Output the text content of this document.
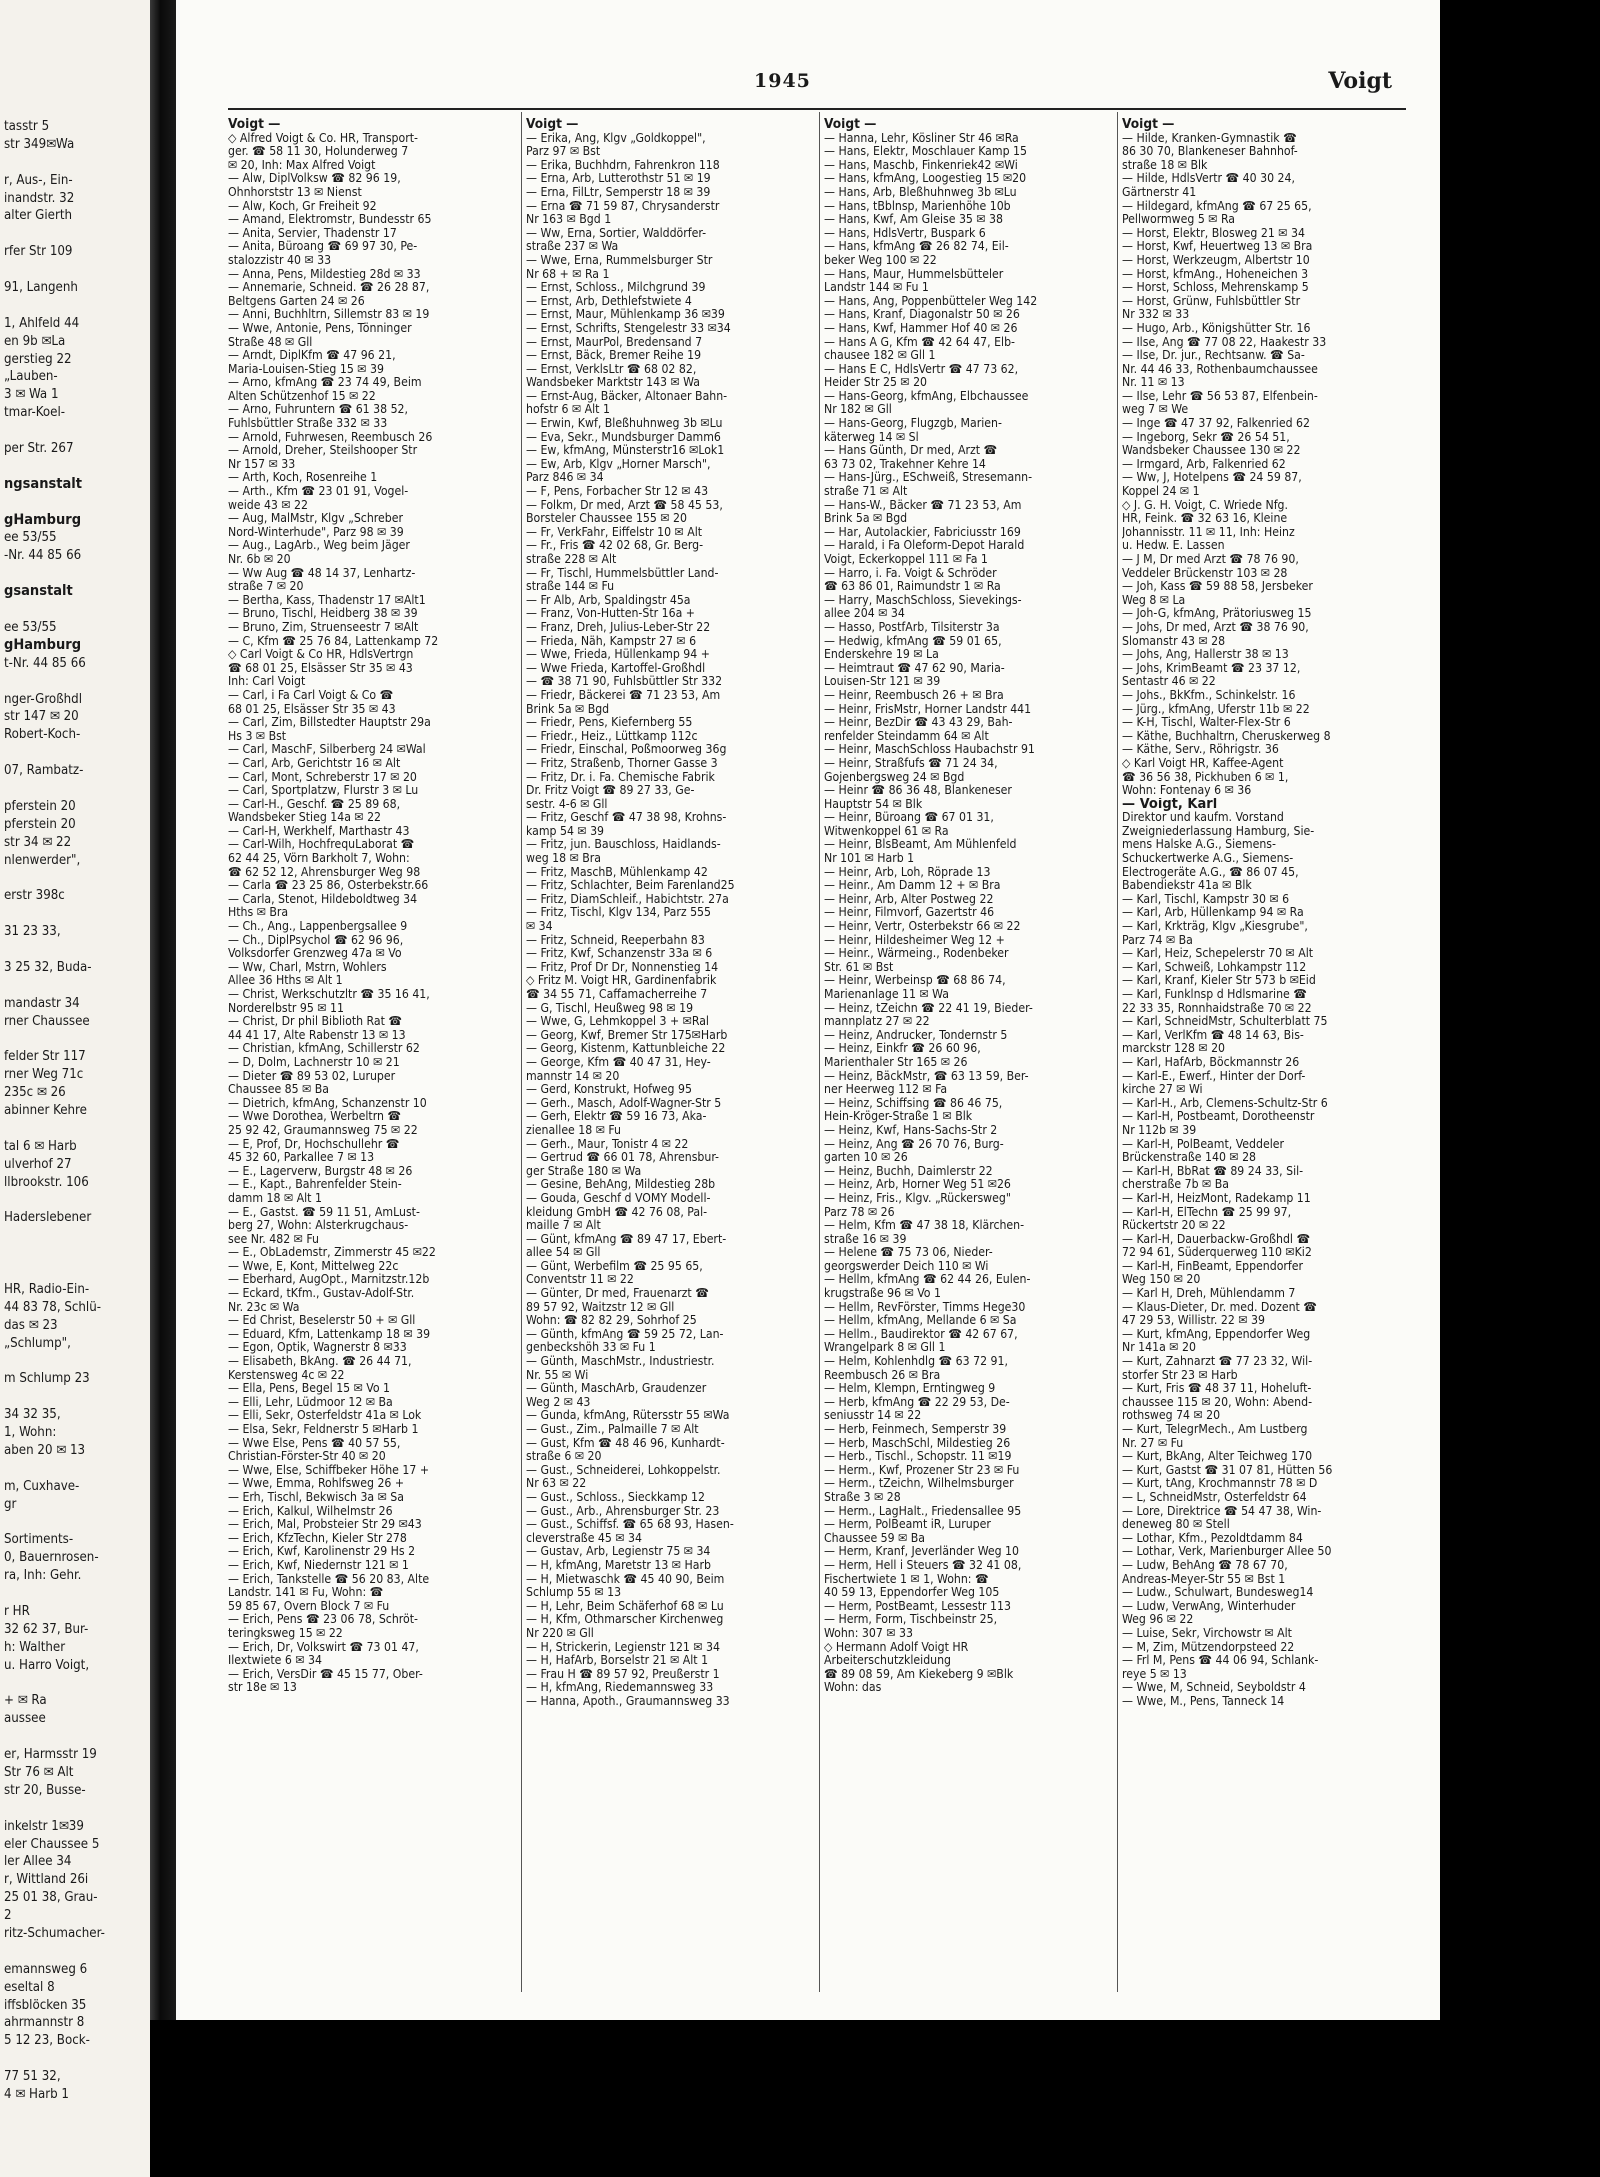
tasstr 5
str 349✉Wa

r, Aus-, Ein-
inandstr. 32
alter Gierth

rfer Str 109

91, Langenh

1, Ahlfeld 44
en 9b ✉La
gerstieg 22
„Lauben-
3 ✉ Wa 1
tmar-Koel-

per Str. 267

ngsanstalt

gHamburg
ee 53/55
-Nr. 44 85 66

gsanstalt

ee 53/55
gHamburg
t-Nr. 44 85 66

nger-Großhdl
str 147 ✉ 20
Robert-Koch-

07, Rambatz-

pferstein 20
pferstein 20
str 34 ✉ 22
nlenwerder",

erstr 398c

31 23 33,

3 25 32, Buda-

mandastr 34
rner Chaussee

felder Str 117
rner Weg 71c
235c ✉ 26
abinner Kehre

tal 6 ✉ Harb
ulverhof 27
llbrookstr. 106

Haderslebener

HR, Radio-Ein-
44 83 78, Schlü-
das ✉ 23
„Schlump",

m Schlump 23

34 32 35,
1, Wohn:
aben 20 ✉ 13

m, Cuxhave-
gr

Sortiments-
0, Bauernrosen-
ra, Inh: Gehr.

r HR
32 62 37, Bur-
h: Walther
u. Harro Voigt,

+ ✉ Ra
aussee

er, Harmsstr 19
Str 76 ✉ Alt
str 20, Busse-

inkelstr 1✉39
eler Chaussee 5
ler Allee 34
r, Wittland 26i
25 01 38, Grau-
2
ritz-Schumacher-

emannsweg 6
eseltal 8
iffsblöcken 35
ahrmannstr 8
5 12 23, Bock-

77 51 32,
4 ✉ Harb 1
1945	Voigt
Voigt —
◇ Alfred Voigt & Co. HR, Transport-
ger. ☎ 58 11 30, Holunderweg 7
✉ 20, Inh: Max Alfred Voigt
— Alw, DiplVolksw ☎ 82 96 19,
Ohnhorststr 13 ✉ Nienst
— Alw, Koch, Gr Freiheit 92
— Amand, Elektromstr, Bundesstr 65
— Anita, Servier, Thadenstr 17
— Anita, Büroang ☎ 69 97 30, Pe-
stalozzistr 40 ✉ 33
— Anna, Pens, Mildestieg 28d ✉ 33
— Annemarie, Schneid. ☎ 26 28 87,
Beltgens Garten 24 ✉ 26
— Anni, Buchhltrn, Sillemstr 83 ✉ 19
— Wwe, Antonie, Pens, Tönninger
Straße 48 ✉ Gll
— Arndt, DiplKfm ☎ 47 96 21,
Maria-Louisen-Stieg 15 ✉ 39
— Arno, kfmAng ☎ 23 74 49, Beim
Alten Schützenhof 15 ✉ 22
— Arno, Fuhruntern ☎ 61 38 52,
Fuhlsbüttler Straße 332 ✉ 33
— Arnold, Fuhrwesen, Reembusch 26
— Arnold, Dreher, Steilshooper Str
Nr 157 ✉ 33
— Arth, Koch, Rosenreihe 1
— Arth., Kfm ☎ 23 01 91, Vogel-
weide 43 ✉ 22
— Aug, MalMstr, Klgv „Schreber
Nord-Winterhude", Parz 98 ✉ 39
— Aug., LagArb., Weg beim Jäger
Nr. 6b ✉ 20
— Ww Aug ☎ 48 14 37, Lenhartz-
straße 7 ✉ 20
— Bertha, Kass, Thadenstr 17 ✉Alt1
— Bruno, Tischl, Heidberg 38 ✉ 39
— Bruno, Zim, Struenseestr 7 ✉Alt
— C, Kfm ☎ 25 76 84, Lattenkamp 72
◇ Carl Voigt & Co HR, HdlsVertrgn
☎ 68 01 25, Elsässer Str 35 ✉ 43
Inh: Carl Voigt
— Carl, i Fa Carl Voigt & Co ☎
68 01 25, Elsässer Str 35 ✉ 43
— Carl, Zim, Billstedter Hauptstr 29a
Hs 3 ✉ Bst
— Carl, MaschF, Silberberg 24 ✉Wal
— Carl, Arb, Gerichtstr 16 ✉ Alt
— Carl, Mont, Schreberstr 17 ✉ 20
— Carl, Sportplatzw, Flurstr 3 ✉ Lu
— Carl-H., Geschf. ☎ 25 89 68,
Wandsbeker Stieg 14a ✉ 22
— Carl-H, Werkhelf, Marthastr 43
— Carl-Wilh, HochfrequLaborat ☎
62 44 25, Vörn Barkholt 7, Wohn:
☎ 62 52 12, Ahrensburger Weg 98
— Carla ☎ 23 25 86, Osterbekstr.66
— Carla, Stenot, Hildeboldtweg 34
Hths ✉ Bra
— Ch., Ang., Lappenbergsallee 9
— Ch., DiplPsychol ☎ 62 96 96,
Volksdorfer Grenzweg 47a ✉ Vo
— Ww, Charl, Mstrn, Wohlers
Allee 36 Hths ✉ Alt 1
— Christ, Werkschutzltr ☎ 35 16 41,
Norderelbstr 95 ✉ 11
— Christ, Dr phil Biblioth Rat ☎
44 41 17, Alte Rabenstr 13 ✉ 13
— Christian, kfmAng, Schillerstr 62
— D, Dolm, Lachnerstr 10 ✉ 21
— Dieter ☎ 89 53 02, Luruper
Chaussee 85 ✉ Ba
— Dietrich, kfmAng, Schanzenstr 10
— Wwe Dorothea, Werbeltrn ☎
25 92 42, Graumannsweg 75 ✉ 22
— E, Prof, Dr, Hochschullehr ☎
45 32 60, Parkallee 7 ✉ 13
— E., Lagerverw, Burgstr 48 ✉ 26
— E., Kapt., Bahrenfelder Stein-
damm 18 ✉ Alt 1
— E., Gastst. ☎ 59 11 51, AmLust-
berg 27, Wohn: Alsterkrugchaus-
see Nr. 482 ✉ Fu
— E., ObLademstr, Zimmerstr 45 ✉22
— Wwe, E, Kont, Mittelweg 22c
— Eberhard, AugOpt., Marnitzstr.12b
— Eckard, tKfm., Gustav-Adolf-Str.
Nr. 23c ✉ Wa
— Ed Christ, Beselerstr 50 + ✉ Gll
— Eduard, Kfm, Lattenkamp 18 ✉ 39
— Egon, Optik, Wagnerstr 8 ✉33
— Elisabeth, BkAng. ☎ 26 44 71,
Kerstensweg 4c ✉ 22
— Ella, Pens, Begel 15 ✉ Vo 1
— Elli, Lehr, Lüdmoor 12 ✉ Ba
— Elli, Sekr, Osterfeldstr 41a ✉ Lok
— Elsa, Sekr, Feldnerstr 5 ✉Harb 1
— Wwe Else, Pens ☎ 40 57 55,
Christian-Förster-Str 40 ✉ 20
— Wwe, Else, Schiffbeker Höhe 17 +
— Wwe, Emma, Rohlfsweg 26 +
— Erh, Tischl, Bekwisch 3a ✉ Sa
— Erich, Kalkul, Wilhelmstr 26
— Erich, Mal, Probsteier Str 29 ✉43
— Erich, KfzTechn, Kieler Str 278
— Erich, Kwf, Karolinenstr 29 Hs 2
— Erich, Kwf, Niedernstr 121 ✉ 1
— Erich, Tankstelle ☎ 56 20 83, Alte
Landstr. 141 ✉ Fu, Wohn: ☎
59 85 67, Övern Block 7 ✉ Fu
— Erich, Pens ☎ 23 06 78, Schröt-
teringksweg 15 ✉ 22
— Erich, Dr, Volkswirt ☎ 73 01 47,
Ilextwiete 6 ✉ 34
— Erich, VersDir ☎ 45 15 77, Ober-
str 18e ✉ 13
Voigt —
— Erika, Ang, Klgv „Goldkoppel",
Parz 97 ✉ Bst
— Erika, Buchhdrn, Fahrenkron 118
— Erna, Arb, Lutterothstr 51 ✉ 19
— Erna, FilLtr, Semperstr 18 ✉ 39
— Erna ☎ 71 59 87, Chrysanderstr
Nr 163 ✉ Bgd 1
— Ww, Erna, Sortier, Walddörfer-
straße 237 ✉ Wa
— Wwe, Erna, Rummelsburger Str
Nr 68 + ✉ Ra 1
— Ernst, Schloss., Milchgrund 39
— Ernst, Arb, Dethlefstwiete 4
— Ernst, Maur, Mühlenkamp 36 ✉39
— Ernst, Schrifts, Stengelestr 33 ✉34
— Ernst, MaurPol, Bredensand 7
— Ernst, Bäck, Bremer Reihe 19
— Ernst, VerklsLtr ☎ 68 02 82,
Wandsbeker Marktstr 143 ✉ Wa
— Ernst-Aug, Bäcker, Altonaer Bahn-
hofstr 6 ✉ Alt 1
— Erwin, Kwf, Bleßhuhnweg 3b ✉Lu
— Eva, Sekr., Mundsburger Damm6
— Ew, kfmAng, Münsterstr16 ✉Lok1
— Ew, Arb, Klgv „Horner Marsch",
Parz 846 ✉ 34
— F, Pens, Forbacher Str 12 ✉ 43
— Folkm, Dr med, Arzt ☎ 58 45 53,
Borsteler Chaussee 155 ✉ 20
— Fr, VerkFahr, Eiffelstr 10 ✉ Alt
— Fr., Fris ☎ 42 02 68, Gr. Berg-
straße 228 ✉ Alt
— Fr, Tischl, Hummelsbüttler Land-
straße 144 ✉ Fu
— Fr Alb, Arb, Spaldingstr 45a
— Franz, Von-Hutten-Str 16a +
— Franz, Dreh, Julius-Leber-Str 22
— Frieda, Näh, Kampstr 27 ✉ 6
— Wwe, Frieda, Hüllenkamp 94 +
— Wwe Frieda, Kartoffel-Großhdl
— ☎ 38 71 90, Fuhlsbüttler Str 332
— Friedr, Bäckerei ☎ 71 23 53, Am
Brink 5a ✉ Bgd
— Friedr, Pens, Kiefernberg 55
— Friedr., Heiz., Lüttkamp 112c
— Friedr, Einschal, Poßmoorweg 36g
— Fritz, Straßenb, Thorner Gasse 3
— Fritz, Dr. i. Fa. Chemische Fabrik
Dr. Fritz Voigt ☎ 89 27 33, Ge-
sestr. 4-6 ✉ Gll
— Fritz, Geschf ☎ 47 38 98, Krohns-
kamp 54 ✉ 39
— Fritz, jun. Bauschloss, Haidlands-
weg 18 ✉ Bra
— Fritz, MaschB, Mühlenkamp 42
— Fritz, Schlachter, Beim Farenland25
— Fritz, DiamSchleif., Habichtstr. 27a
— Fritz, Tischl, Klgv 134, Parz 555
✉ 34
— Fritz, Schneid, Reeperbahn 83
— Fritz, Kwf, Schanzenstr 33a ✉ 6
— Fritz, Prof Dr Dr, Nonnenstieg 14
◇ Fritz M. Voigt HR, Gardinenfabrik
☎ 34 55 71, Caffamacherreihe 7
— G, Tischl, Heußweg 98 ✉ 19
— Wwe, G, Lehmkoppel 3 + ✉Ral
— Georg, Kwf, Bremer Str 175✉Harb
— Georg, Kistenm, Kattunbleiche 22
— George, Kfm ☎ 40 47 31, Hey-
mannstr 14 ✉ 20
— Gerd, Konstrukt, Hofweg 95
— Gerh., Masch, Adolf-Wagner-Str 5
— Gerh, Elektr ☎ 59 16 73, Aka-
zienallee 18 ✉ Fu
— Gerh., Maur, Tonistr 4 ✉ 22
— Gertrud ☎ 66 01 78, Ahrensbur-
ger Straße 180 ✉ Wa
— Gesine, BehAng, Mildestieg 28b
— Gouda, Geschf d VOMY Modell-
kleidung GmbH ☎ 42 76 08, Pal-
maille 7 ✉ Alt
— Günt, kfmAng ☎ 89 47 17, Ebert-
allee 54 ✉ Gll
— Günt, Werbefilm ☎ 25 95 65,
Conventstr 11 ✉ 22
— Günter, Dr med, Frauenarzt ☎
89 57 92, Waitzstr 12 ✉ Gll
Wohn: ☎ 82 82 29, Sohrhof 25
— Günth, kfmAng ☎ 59 25 72, Lan-
genbeckshöh 33 ✉ Fu 1
— Günth, MaschMstr., Industriestr.
Nr. 55 ✉ Wi
— Günth, MaschArb, Graudenzer
Weg 2 ✉ 43
— Gunda, kfmAng, Rütersstr 55 ✉Wa
— Gust., Zim., Palmaille 7 ✉ Alt
— Gust, Kfm ☎ 48 46 96, Kunhardt-
straße 6 ✉ 20
— Gust., Schneiderei, Lohkoppelstr.
Nr 63 ✉ 22
— Gust., Schloss., Sieckkamp 12
— Gust., Arb., Ahrensburger Str. 23
— Gust., Schiffsf. ☎ 65 68 93, Hasen-
cleverstraße 45 ✉ 34
— Gustav, Arb, Legienstr 75 ✉ 34
— H, kfmAng, Maretstr 13 ✉ Harb
— H, Mietwaschk ☎ 45 40 90, Beim
Schlump 55 ✉ 13
— H, Lehr, Beim Schäferhof 68 ✉ Lu
— H, Kfm, Othmarscher Kirchenweg
Nr 220 ✉ Gll
— H, Strickerin, Legienstr 121 ✉ 34
— H, HafArb, Borselstr 21 ✉ Alt 1
— Frau H ☎ 89 57 92, Preußerstr 1
— H, kfmAng, Riedemannsweg 33
— Hanna, Apoth., Graumannsweg 33
Voigt —
— Hanna, Lehr, Kösliner Str 46 ✉Ra
— Hans, Elektr, Moschlauer Kamp 15
— Hans, Maschb, Finkenriek42 ✉Wi
— Hans, kfmAng, Loogestieg 15 ✉20
— Hans, Arb, Bleßhuhnweg 3b ✉Lu
— Hans, tBblnsp, Marienhöhe 10b
— Hans, Kwf, Am Gleise 35 ✉ 38
— Hans, HdlsVertr, Buspark 6
— Hans, kfmAng ☎ 26 82 74, Eil-
beker Weg 100 ✉ 22
— Hans, Maur, Hummelsbütteler
Landstr 144 ✉ Fu 1
— Hans, Ang, Poppenbütteler Weg 142
— Hans, Kranf, Diagonalstr 50 ✉ 26
— Hans, Kwf, Hammer Hof 40 ✉ 26
— Hans A G, Kfm ☎ 42 64 47, Elb-
chausee 182 ✉ Gll 1
— Hans E C, HdlsVertr ☎ 47 73 62,
Heider Str 25 ✉ 20
— Hans-Georg, kfmAng, Elbchaussee
Nr 182 ✉ Gll
— Hans-Georg, Flugzgb, Marien-
käterweg 14 ✉ Sl
— Hans Günth, Dr med, Arzt ☎
63 73 02, Trakehner Kehre 14
— Hans-Jürg., ESchweiß, Stresemann-
straße 71 ✉ Alt
— Hans-W., Bäcker ☎ 71 23 53, Am
Brink 5a ✉ Bgd
— Har, Autolackier, Fabriciusstr 169
— Harald, i Fa Oleform-Depot Harald
Voigt, Eckerkoppel 111 ✉ Fa 1
— Harro, i. Fa. Voigt & Schröder
☎ 63 86 01, Raimundstr 1 ✉ Ra
— Harry, MaschSchloss, Sievekings-
allee 204 ✉ 34
— Hasso, PostfArb, Tilsiterstr 3a
— Hedwig, kfmAng ☎ 59 01 65,
Enderskehre 19 ✉ La
— Heimtraut ☎ 47 62 90, Maria-
Louisen-Str 121 ✉ 39
— Heinr, Reembusch 26 + ✉ Bra
— Heinr, FrisMstr, Horner Landstr 441
— Heinr, BezDir ☎ 43 43 29, Bah-
renfelder Steindamm 64 ✉ Alt
— Heinr, MaschSchloss Haubachstr 91
— Heinr, Straßfufs ☎ 71 24 34,
Gojenbergsweg 24 ✉ Bgd
— Heinr ☎ 86 36 48, Blankeneser
Hauptstr 54 ✉ Blk
— Heinr, Büroang ☎ 67 01 31,
Witwenkoppel 61 ✉ Ra
— Heinr, BlsBeamt, Am Mühlenfeld
Nr 101 ✉ Harb 1
— Heinr, Arb, Loh, Röprade 13
— Heinr., Am Damm 12 + ✉ Bra
— Heinr, Arb, Alter Postweg 22
— Heinr, Filmvorf, Gazertstr 46
— Heinr, Vertr, Osterbekstr 66 ✉ 22
— Heinr, Hildesheimer Weg 12 +
— Heinr., Wärmeing., Rodenbeker
Str. 61 ✉ Bst
— Heinr, Werbeinsp ☎ 68 86 74,
Marienanlage 11 ✉ Wa
— Heinz, tZeichn ☎ 22 41 19, Bieder-
mannplatz 27 ✉ 22
— Heinz, Andrucker, Tondernstr 5
— Heinz, Einkfr ☎ 26 60 96,
Marienthaler Str 165 ✉ 26
— Heinz, BäckMstr, ☎ 63 13 59, Ber-
ner Heerweg 112 ✉ Fa
— Heinz, Schiffsing ☎ 86 46 75,
Hein-Kröger-Straße 1 ✉ Blk
— Heinz, Kwf, Hans-Sachs-Str 2
— Heinz, Ang ☎ 26 70 76, Burg-
garten 10 ✉ 26
— Heinz, Buchh, Daimlerstr 22
— Heinz, Arb, Horner Weg 51 ✉26
— Heinz, Fris., Klgv. „Rückersweg"
Parz 78 ✉ 26
— Helm, Kfm ☎ 47 38 18, Klärchen-
straße 16 ✉ 39
— Helene ☎ 75 73 06, Nieder-
georgswerder Deich 110 ✉ Wi
— Hellm, kfmAng ☎ 62 44 26, Eulen-
krugstraße 96 ✉ Vo 1
— Hellm, RevFörster, Timms Hege30
— Hellm, kfmAng, Mellande 6 ✉ Sa
— Hellm., Baudirektor ☎ 42 67 67,
Wrangelpark 8 ✉ Gll 1
— Helm, Kohlenhdlg ☎ 63 72 91,
Reembusch 26 ✉ Bra
— Helm, Klempn, Erntingweg 9
— Herb, kfmAng ☎ 22 29 53, De-
seniusstr 14 ✉ 22
— Herb, Feinmech, Semperstr 39
— Herb, MaschSchl, Mildestieg 26
— Herb., Tischl., Schopstr. 11 ✉19
— Herm., Kwf, Prozener Str 23 ✉ Fu
— Herm., tZeichn, Wilhelmsburger
Straße 3 ✉ 28
— Herm., LagHalt., Friedensallee 95
— Herm, PolBeamt iR, Luruper
Chaussee 59 ✉ Ba
— Herm, Kranf, Jeverländer Weg 10
— Herm, Hell i Steuers ☎ 32 41 08,
Fischertwiete 1 ✉ 1, Wohn: ☎
40 59 13, Eppendorfer Weg 105
— Herm, PostBeamt, Lessestr 113
— Herm, Form, Tischbeinstr 25,
Wohn: 307 ✉ 33
◇ Hermann Adolf Voigt HR
Arbeiterschutzkleidung
☎ 89 08 59, Am Kiekeberg 9 ✉Blk
Wohn: das
Voigt —
— Hilde, Kranken-Gymnastik ☎
86 30 70, Blankeneser Bahnhof-
straße 18 ✉ Blk
— Hilde, HdlsVertr ☎ 40 30 24,
Gärtnerstr 41
— Hildegard, kfmAng ☎ 67 25 65,
Pellwormweg 5 ✉ Ra
— Horst, Elektr, Blosweg 21 ✉ 34
— Horst, Kwf, Heuertweg 13 ✉ Bra
— Horst, Werkzeugm, Albertstr 10
— Horst, kfmAng., Hoheneichen 3
— Horst, Schloss, Mehrenskamp 5
— Horst, Grünw, Fuhlsbüttler Str
Nr 332 ✉ 33
— Hugo, Arb., Königshütter Str. 16
— Ilse, Ang ☎ 77 08 22, Haakestr 33
— Ilse, Dr. jur., Rechtsanw. ☎ Sa-
Nr. 44 46 33, Rothenbaumchaussee
Nr. 11 ✉ 13
— Ilse, Lehr ☎ 56 53 87, Elfenbein-
weg 7 ✉ We
— Inge ☎ 47 37 92, Falkenried 62
— Ingeborg, Sekr ☎ 26 54 51,
Wandsbeker Chaussee 130 ✉ 22
— Irmgard, Arb, Falkenried 62
— Ww, J, Hotelpens ☎ 24 59 87,
Koppel 24 ✉ 1
◇ J. G. H. Voigt, C. Wriede Nfg.
HR, Feink. ☎ 32 63 16, Kleine
Johannisstr. 11 ✉ 11, Inh: Heinz
u. Hedw. E. Lassen
— J M, Dr med Arzt ☎ 78 76 90,
Veddeler Brückenstr 103 ✉ 28
— Joh, Kass ☎ 59 88 58, Jersbeker
Weg 8 ✉ La
— Joh-G, kfmAng, Prätoriusweg 15
— Johs, Dr med, Arzt ☎ 38 76 90,
Slomanstr 43 ✉ 28
— Johs, Ang, Hallerstr 38 ✉ 13
— Johs, KrimBeamt ☎ 23 37 12,
Sentastr 46 ✉ 22
— Johs., BkKfm., Schinkelstr. 16
— Jürg., kfmAng, Uferstr 11b ✉ 22
— K-H, Tischl, Walter-Flex-Str 6
— Käthe, Buchhaltrn, Cheruskerweg 8
— Käthe, Serv., Röhrigstr. 36
◇ Karl Voigt HR, Kaffee-Agent
☎ 36 56 38, Pickhuben 6 ✉ 1,
Wohn: Fontenay 6 ✉ 36
— Voigt, Karl
Direktor und kaufm. Vorstand
Zweigniederlassung Hamburg, Sie-
mens Halske A.G., Siemens-
Schuckertwerke A.G., Siemens-
Electrogeräte A.G., ☎ 86 07 45,
Babendiekstr 41a ✉ Blk
— Karl, Tischl, Kampstr 30 ✉ 6
— Karl, Arb, Hüllenkamp 94 ✉ Ra
— Karl, Krkträg, Klgv „Kiesgrube",
Parz 74 ✉ Ba
— Karl, Heiz, Schepelerstr 70 ✉ Alt
— Karl, Schweiß, Lohkampstr 112
— Karl, Kranf, Kieler Str 573 b ✉Eid
— Karl, Funklnsp d Hdlsmarine ☎
22 33 35, Ronnhaidstraße 70 ✉ 22
— Karl, SchneidMstr, Schulterblatt 75
— Karl, VerlKfm ☎ 48 14 63, Bis-
marckstr 128 ✉ 20
— Karl, HafArb, Böckmannstr 26
— Karl-E., Ewerf., Hinter der Dorf-
kirche 27 ✉ Wi
— Karl-H., Arb, Clemens-Schultz-Str 6
— Karl-H, Postbeamt, Dorotheenstr
Nr 112b ✉ 39
— Karl-H, PolBeamt, Veddeler
Brückenstraße 140 ✉ 28
— Karl-H, BbRat ☎ 89 24 33, Sil-
cherstraße 7b ✉ Ba
— Karl-H, HeizMont, Radekamp 11
— Karl-H, ElTechn ☎ 25 99 97,
Rückertstr 20 ✉ 22
— Karl-H, Dauerbackw-Großhdl ☎
72 94 61, Süderquerweg 110 ✉Ki2
— Karl-H, FinBeamt, Eppendorfer
Weg 150 ✉ 20
— Karl H, Dreh, Mühlendamm 7
— Klaus-Dieter, Dr. med. Dozent ☎
47 29 53, Willistr. 22 ✉ 39
— Kurt, kfmAng, Eppendorfer Weg
Nr 141a ✉ 20
— Kurt, Zahnarzt ☎ 77 23 32, Wil-
storfer Str 23 ✉ Harb
— Kurt, Fris ☎ 48 37 11, Hoheluft-
chaussee 115 ✉ 20, Wohn: Abend-
rothsweg 74 ✉ 20
— Kurt, TelegrMech., Am Lustberg
Nr. 27 ✉ Fu
— Kurt, BkAng, Alter Teichweg 170
— Kurt, Gastst ☎ 31 07 81, Hütten 56
— Kurt, tAng, Krochmannstr 78 ✉ D
— L, SchneidMstr, Osterfeldstr 64
— Lore, Direktrice ☎ 54 47 38, Win-
deneweg 80 ✉ Stell
— Lothar, Kfm., Pezoldtdamm 84
— Lothar, Verk, Marienburger Allee 50
— Ludw, BehAng ☎ 78 67 70,
Andreas-Meyer-Str 55 ✉ Bst 1
— Ludw., Schulwart, Bundesweg14
— Ludw, VerwAng, Winterhuder
Weg 96 ✉ 22
— Luise, Sekr, Virchowstr ✉ Alt
— M, Zim, Mützendorpsteed 22
— Frl M, Pens ☎ 44 06 94, Schlank-
reye 5 ✉ 13
— Wwe, M, Schneid, Seyboldstr 4
— Wwe, M., Pens, Tanneck 14
